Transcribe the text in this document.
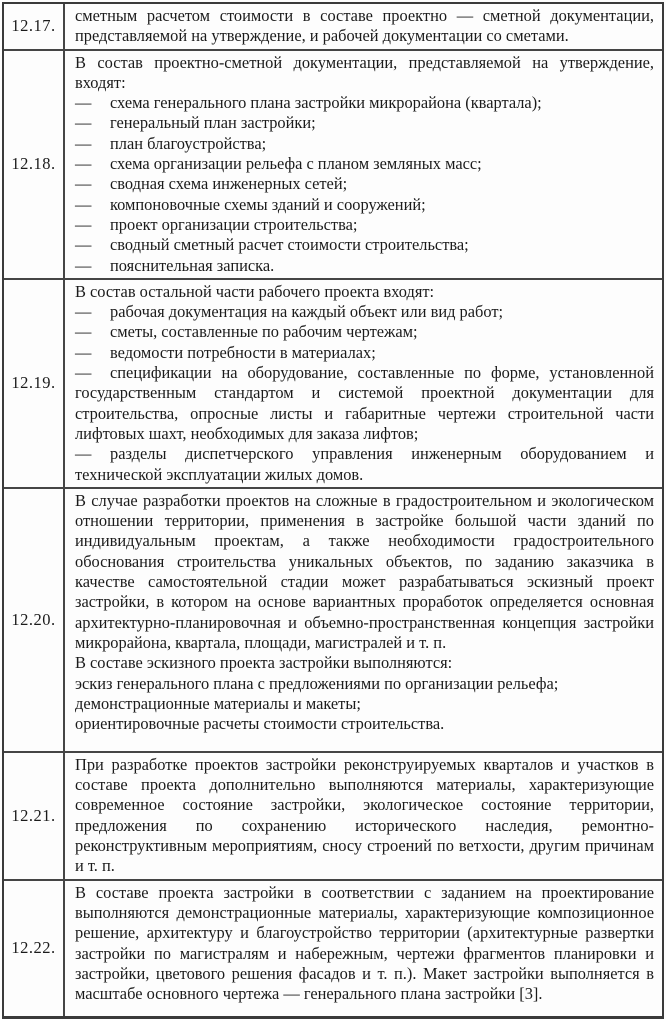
12.17.
сметным расчетом стоимости в составе проектно — сметной документации, представляемой на утверждение, и рабочей документации со сметами.
12.18.
В состав проектно-сметной документации, представляемой на утверждение, входят:
— схема генерального плана застройки микрорайона (квартала);
— генеральный план застройки;
— план благоустройства;
— схема организации рельефа с планом земляных масс;
— сводная схема инженерных сетей;
— компоновочные схемы зданий и сооружений;
— проект организации строительства;
— сводный сметный расчет стоимости строительства;
— пояснительная записка.
12.19.
В состав остальной части рабочего проекта входят:
— рабочая документация на каждый объект или вид работ;
— сметы, составленные по рабочим чертежам;
— ведомости потребности в материалах;
— спецификации на оборудование, составленные по форме, установленной государственным стандартом и системой проектной документации для строительства, опросные листы и габаритные чертежи строительной части лифтовых шахт, необходимых для заказа лифтов;
— разделы диспетчерского управления инженерным оборудованием и технической эксплуатации жилых домов.
12.20.
В случае разработки проектов на сложные в градостроительном и экологическом отношении территории, применения в застройке большой части зданий по индивидуальным проектам, а также необходимости градостроительного обоснования строительства уникальных объектов, по заданию заказчика в качестве самостоятельной стадии может разрабатываться эскизный проект застройки, в котором на основе вариантных проработок определяется основная архитектурно-планировочная и объемно-пространственная концепция застройки микрорайона, квартала, площади, магистралей и т. п.
В составе эскизного проекта застройки выполняются:
эскиз генерального плана с предложениями по организации рельефа;
демонстрационные материалы и макеты;
ориентировочные расчеты стоимости строительства.
12.21.
При разработке проектов застройки реконструируемых кварталов и участков в составе проекта дополнительно выполняются материалы, характеризующие современное состояние застройки, экологическое состояние территории, предложения по сохранению исторического наследия, ремонтно-реконструктивным мероприятиям, сносу строений по ветхости, другим причинам и т. п.
12.22.
В составе проекта застройки в соответствии с заданием на проектирование выполняются демонстрационные материалы, характеризующие композиционное решение, архитектуру и благоустройство территории (архитектурные развертки застройки по магистралям и набережным, чертежи фрагментов планировки и застройки, цветового решения фасадов и т. п.). Макет застройки выполняется в масштабе основного чертежа — генерального плана застройки [3].
